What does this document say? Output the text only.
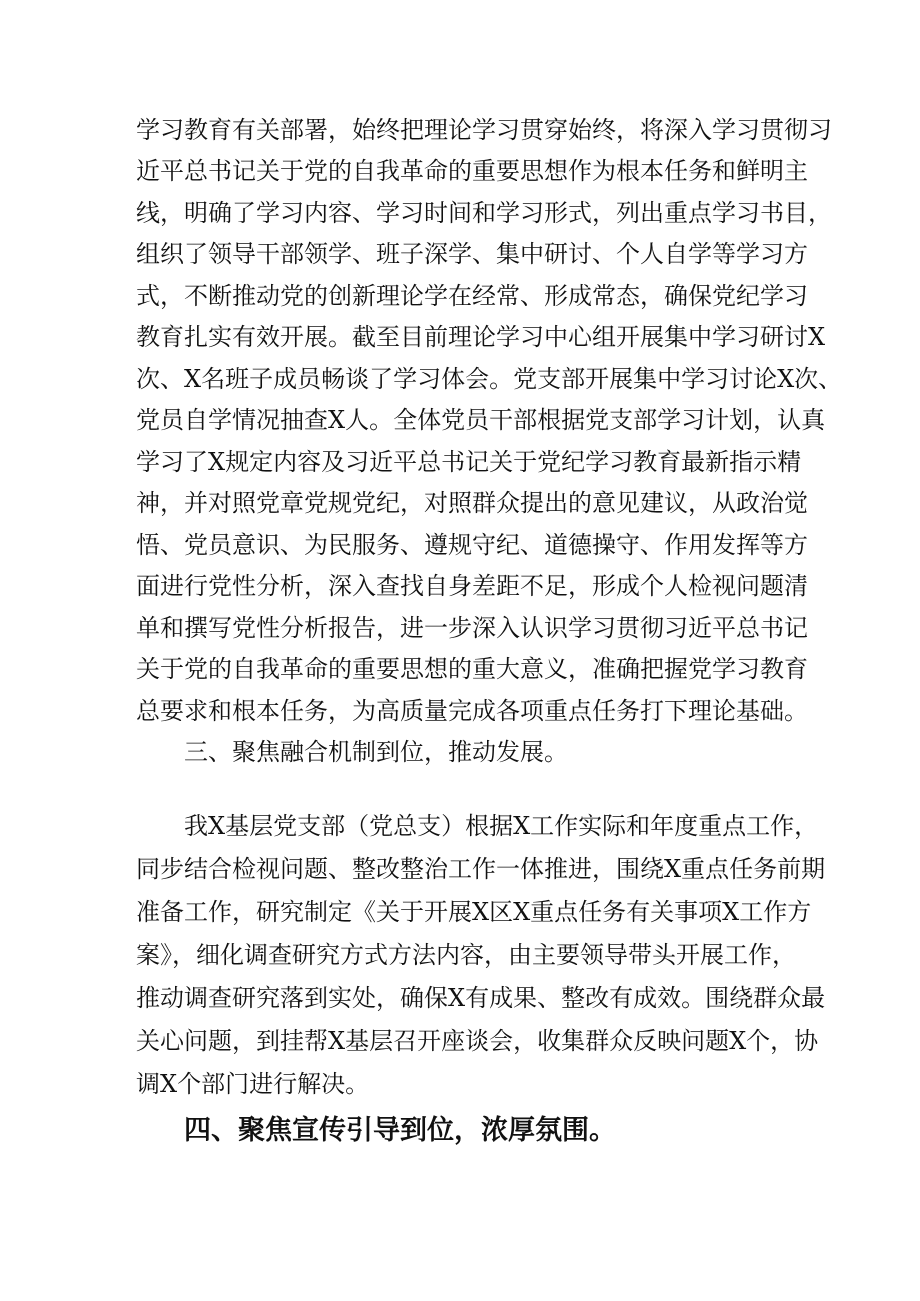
学习教育有关部署，始终把理论学习贯穿始终，将深入学习贯彻习
近平总书记关于党的自我革命的重要思想作为根本任务和鲜明主
线，明确了学习内容、学习时间和学习形式，列出重点学习书目，
组织了领导干部领学、班子深学、集中研讨、个人自学等学习方
式，不断推动党的创新理论学在经常、形成常态，确保党纪学习
教育扎实有效开展。截至目前理论学习中心组开展集中学习研讨X
次、X名班子成员畅谈了学习体会。党支部开展集中学习讨论X次、
党员自学情况抽查X人。全体党员干部根据党支部学习计划，认真
学习了X规定内容及习近平总书记关于党纪学习教育最新指示精
神，并对照党章党规党纪，对照群众提出的意见建议，从政治觉
悟、党员意识、为民服务、遵规守纪、道德操守、作用发挥等方
面进行党性分析，深入查找自身差距不足，形成个人检视问题清
单和撰写党性分析报告，进一步深入认识学习贯彻习近平总书记
关于党的自我革命的重要思想的重大意义，准确把握党学习教育
总要求和根本任务，为高质量完成各项重点任务打下理论基础。
三、聚焦融合机制到位，推动发展。
我X基层党支部（党总支）根据X工作实际和年度重点工作，
同步结合检视问题、整改整治工作一体推进，围绕X重点任务前期
准备工作，研究制定《关于开展X区X重点任务有关事项X工作方
案》，细化调查研究方式方法内容，由主要领导带头开展工作，
推动调查研究落到实处，确保X有成果、整改有成效。围绕群众最
关心问题，到挂帮X基层召开座谈会，收集群众反映问题X个，协
调X个部门进行解决。
四、聚焦宣传引导到位，浓厚氛围。
